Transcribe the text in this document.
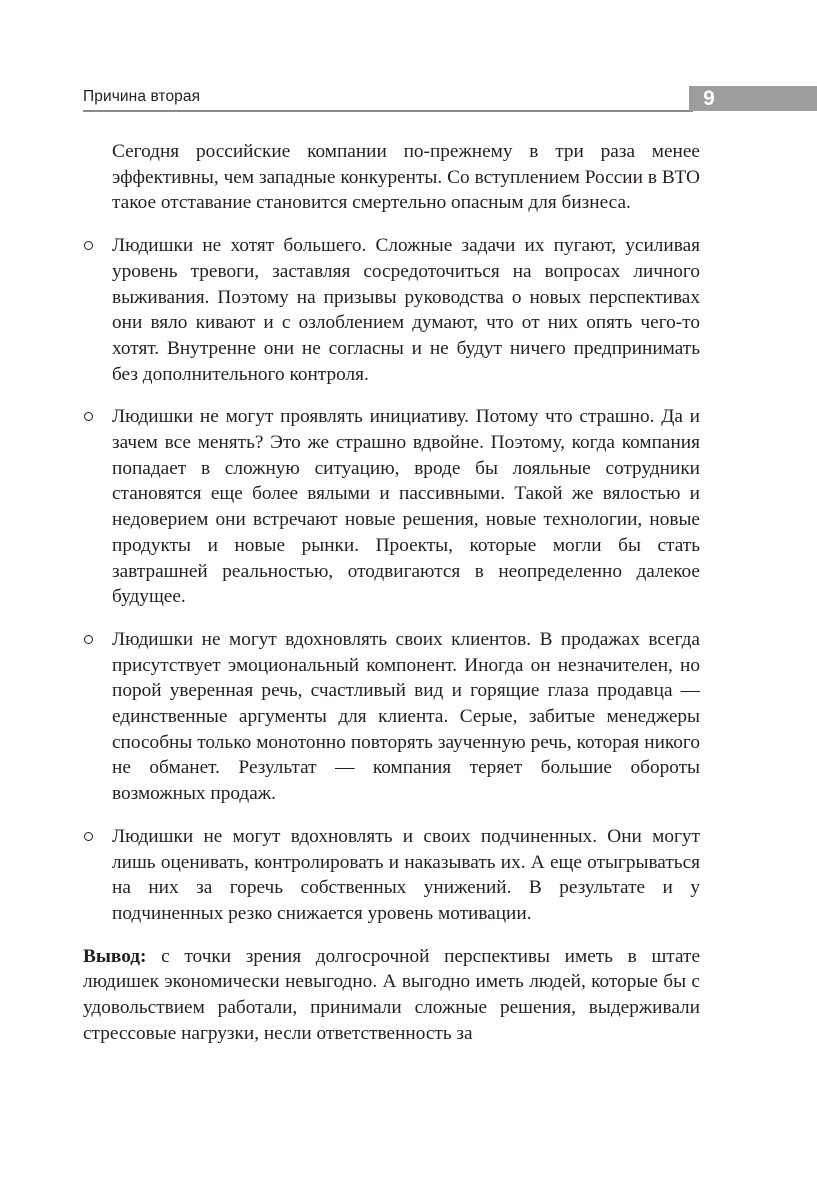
Причина вторая	9

Сегодня российские компании по-прежнему в три раза менее эффективны, чем западные конкуренты. Со вступлением России в ВТО такое отставание становится смертельно опасным для бизнеса.

Людишки не хотят большего. Сложные задачи их пугают, усиливая уровень тревоги, заставляя сосредоточиться на вопросах личного выживания. Поэтому на призывы руководства о новых перспективах они вяло кивают и с озлоблением думают, что от них опять чего-то хотят. Внутренне они не согласны и не будут ничего предпринимать без дополнительного контроля.
Людишки не могут проявлять инициативу. Потому что страшно. Да и зачем все менять? Это же страшно вдвойне. Поэтому, когда компания попадает в сложную ситуацию, вроде бы лояльные сотрудники становятся еще более вялыми и пассивными. Такой же вялостью и недоверием они встречают новые решения, новые технологии, новые продукты и новые рынки. Проекты, которые могли бы стать завтрашней реальностью, отодвигаются в неопределенно далекое будущее.
Людишки не могут вдохновлять своих клиентов. В продажах всегда присутствует эмоциональный компонент. Иногда он незначителен, но порой уверенная речь, счастливый вид и горящие глаза продавца — единственные аргументы для клиента. Серые, забитые менеджеры способны только монотонно повторять заученную речь, которая никого не обманет. Результат — компания теряет большие обороты возможных продаж.
Людишки не могут вдохновлять и своих подчиненных. Они могут лишь оценивать, контролировать и наказывать их. А еще отыгрываться на них за горечь собственных унижений. В результате и у подчиненных резко снижается уровень мотивации.

Вывод: с точки зрения долгосрочной перспективы иметь в штате людишек экономически невыгодно. А выгодно иметь людей, которые бы с удовольствием работали, принимали сложные решения, выдерживали стрессовые нагрузки, несли ответственность за
